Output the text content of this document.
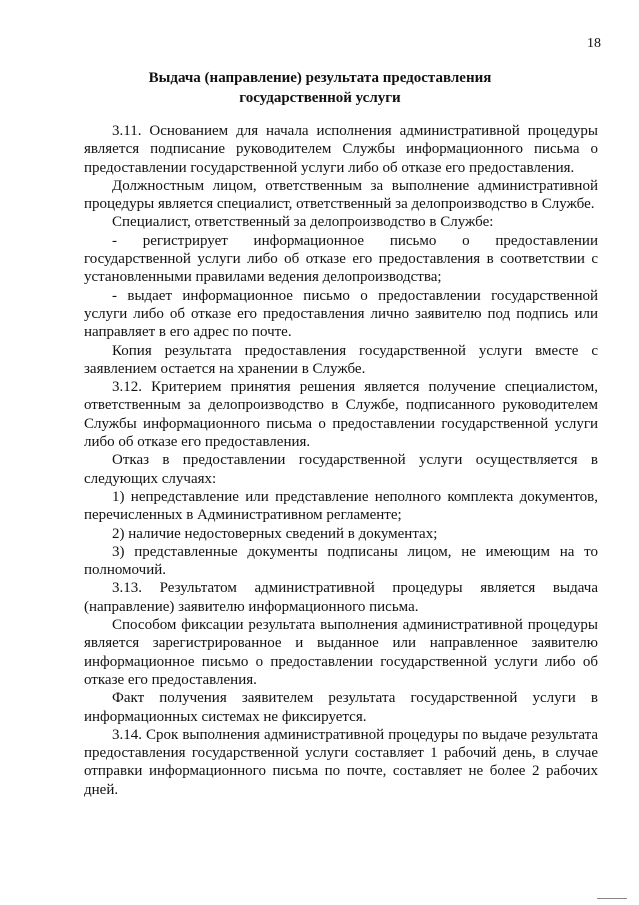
18
Выдача (направление) результата предоставления
государственной услуги

3.11. Основанием для начала исполнения административной процедуры является подписание руководителем Службы информационного письма о предоставлении государственной услуги либо об отказе его предоставления.

Должностным лицом, ответственным за выполнение административной процедуры является специалист, ответственный за делопроизводство в Службе.

Специалист, ответственный за делопроизводство в Службе:

- регистрирует информационное письмо о предоставлении государственной услуги либо об отказе его предоставления в соответствии с установленными правилами ведения делопроизводства;

- выдает информационное письмо о предоставлении государственной услуги либо об отказе его предоставления лично заявителю под подпись или направляет в его адрес по почте.

Копия результата предоставления государственной услуги вместе с заявлением остается на хранении в Службе.

3.12. Критерием принятия решения является получение специалистом, ответственным за делопроизводство в Службе, подписанного руководителем Службы информационного письма о предоставлении государственной услуги либо об отказе его предоставления.

Отказ в предоставлении государственной услуги осуществляется в следующих случаях:

1) непредставление или представление неполного комплекта документов, перечисленных в Административном регламенте;

2) наличие недостоверных сведений в документах;

3) представленные документы подписаны лицом, не имеющим на то полномочий.

3.13. Результатом административной процедуры является выдача (направление) заявителю информационного письма.

Способом фиксации результата выполнения административной процедуры является зарегистрированное и выданное или направленное заявителю информационное письмо о предоставлении государственной услуги либо об отказе его предоставления.

Факт получения заявителем результата государственной услуги в информационных системах не фиксируется.

3.14. Срок выполнения административной процедуры по выдаче результата предоставления государственной услуги составляет 1 рабочий день, в случае отправки информационного письма по почте, составляет не более 2 рабочих дней.
